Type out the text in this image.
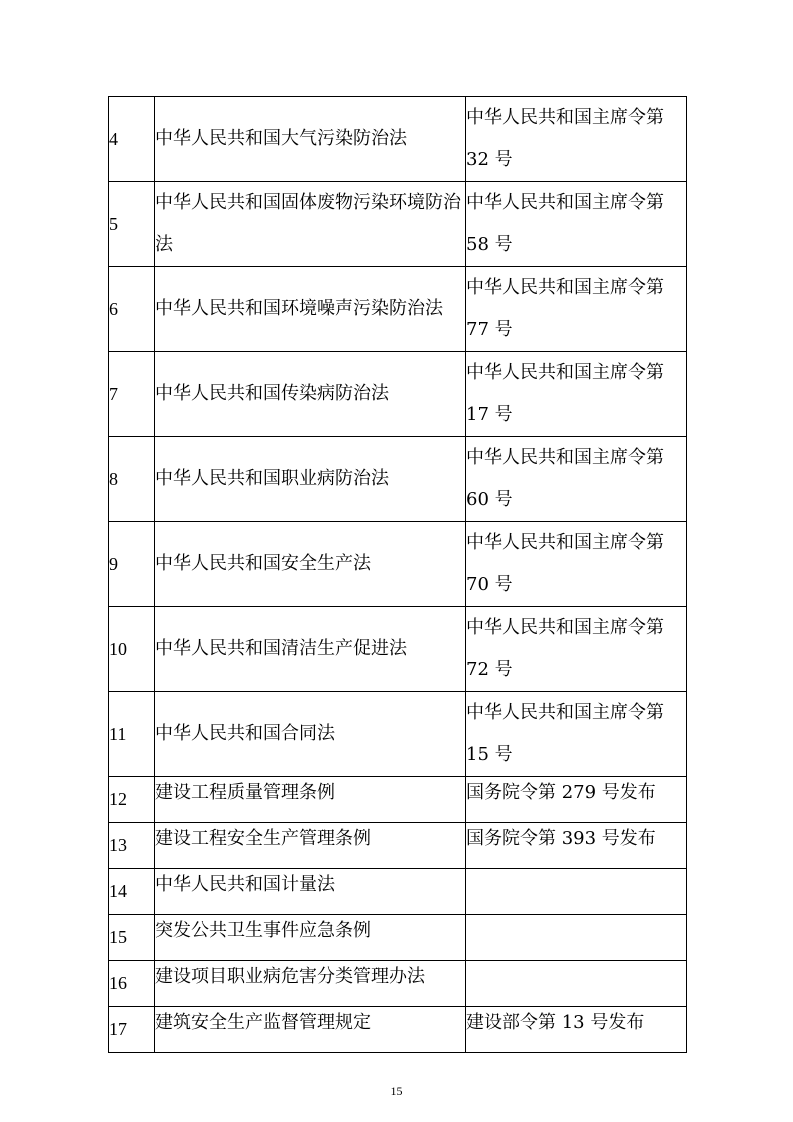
4	中华人民共和国大气污染防治法	中华人民共和国主席令第 32 号
5	中华人民共和国固体废物污染环境防治法	中华人民共和国主席令第 58 号
6	中华人民共和国环境噪声污染防治法	中华人民共和国主席令第 77 号
7	中华人民共和国传染病防治法	中华人民共和国主席令第 17 号
8	中华人民共和国职业病防治法	中华人民共和国主席令第 60 号
9	中华人民共和国安全生产法	中华人民共和国主席令第 70 号
10	中华人民共和国清洁生产促进法	中华人民共和国主席令第 72 号
11	中华人民共和国合同法	中华人民共和国主席令第 15 号
12	建设工程质量管理条例	国务院令第 279 号发布
13	建设工程安全生产管理条例	国务院令第 393 号发布
14	中华人民共和国计量法	
15	突发公共卫生事件应急条例	
16	建设项目职业病危害分类管理办法	
17	建筑安全生产监督管理规定	建设部令第 13 号发布
15
